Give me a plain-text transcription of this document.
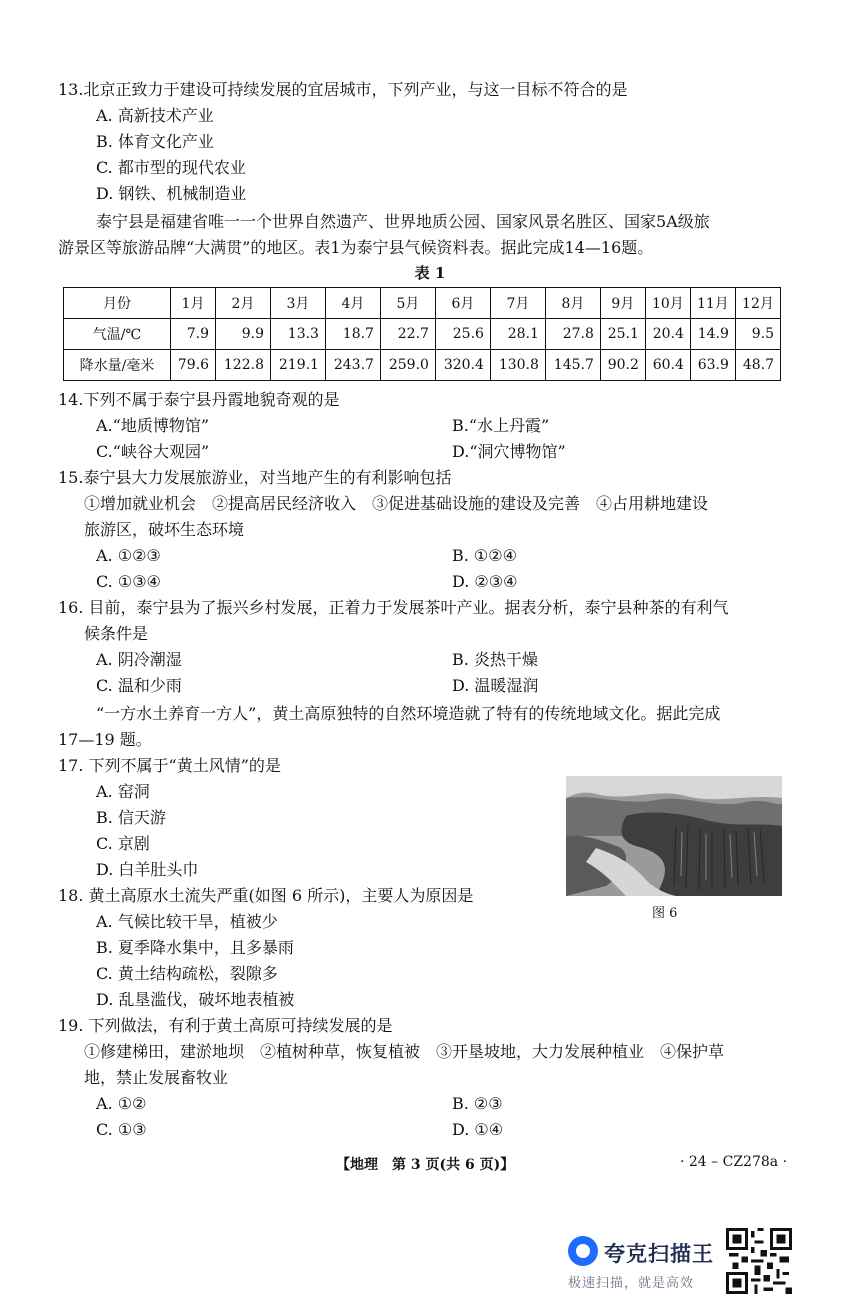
13.北京正致力于建设可持续发展的宜居城市，下列产业，与这一目标不符合的是
A. 高新技术产业
B. 体育文化产业
C. 都市型的现代农业
D. 钢铁、机械制造业
泰宁县是福建省唯一一个世界自然遗产、世界地质公园、国家风景名胜区、国家5A级旅
游景区等旅游品牌“大满贯”的地区。表1为泰宁县气候资料表。据此完成14—16题。
表 1
月份	1月	2月	3月	4月	5月	6月	7月	8月	9月	10月	11月	12月
气温/℃	7.9	9.9	13.3	18.7	22.7	25.6	28.1	27.8	25.1	20.4	14.9	9.5
降水量/毫米	79.6	122.8	219.1	243.7	259.0	320.4	130.8	145.7	90.2	60.4	63.9	48.7
14.下列不属于泰宁县丹霞地貌奇观的是
A.“地质博物馆”	B.“水上丹霞”
C.“峡谷大观园”	D.“洞穴博物馆”
15.泰宁县大力发展旅游业，对当地产生的有利影响包括
①增加就业机会　②提高居民经济收入　③促进基础设施的建设及完善　④占用耕地建设
旅游区，破坏生态环境
A. ①②③	B. ①②④
C. ①③④	D. ②③④
16. 目前，泰宁县为了振兴乡村发展，正着力于发展茶叶产业。据表分析，泰宁县种茶的有利气
候条件是
A. 阴冷潮湿	B. 炎热干燥
C. 温和少雨	D. 温暖湿润
“一方水土养育一方人”，黄土高原独特的自然环境造就了特有的传统地域文化。据此完成
17—19 题。
17. 下列不属于“黄土风情”的是
A. 窑洞
B. 信天游
C. 京剧
D. 白羊肚头巾
图 6
18. 黄土高原水土流失严重(如图 6 所示)，主要人为原因是
A. 气候比较干旱，植被少
B. 夏季降水集中，且多暴雨
C. 黄土结构疏松，裂隙多
D. 乱垦滥伐，破坏地表植被
19. 下列做法，有利于黄土高原可持续发展的是
①修建梯田，建淤地坝　②植树种草，恢复植被　③开垦坡地，大力发展种植业　④保护草
地，禁止发展畜牧业
A. ①②	B. ②③
C. ①③	D. ①④
【地理　第 3 页(共 6 页)】	· 24 – CZ278a ·
夸克扫描王
极速扫描，就是高效
